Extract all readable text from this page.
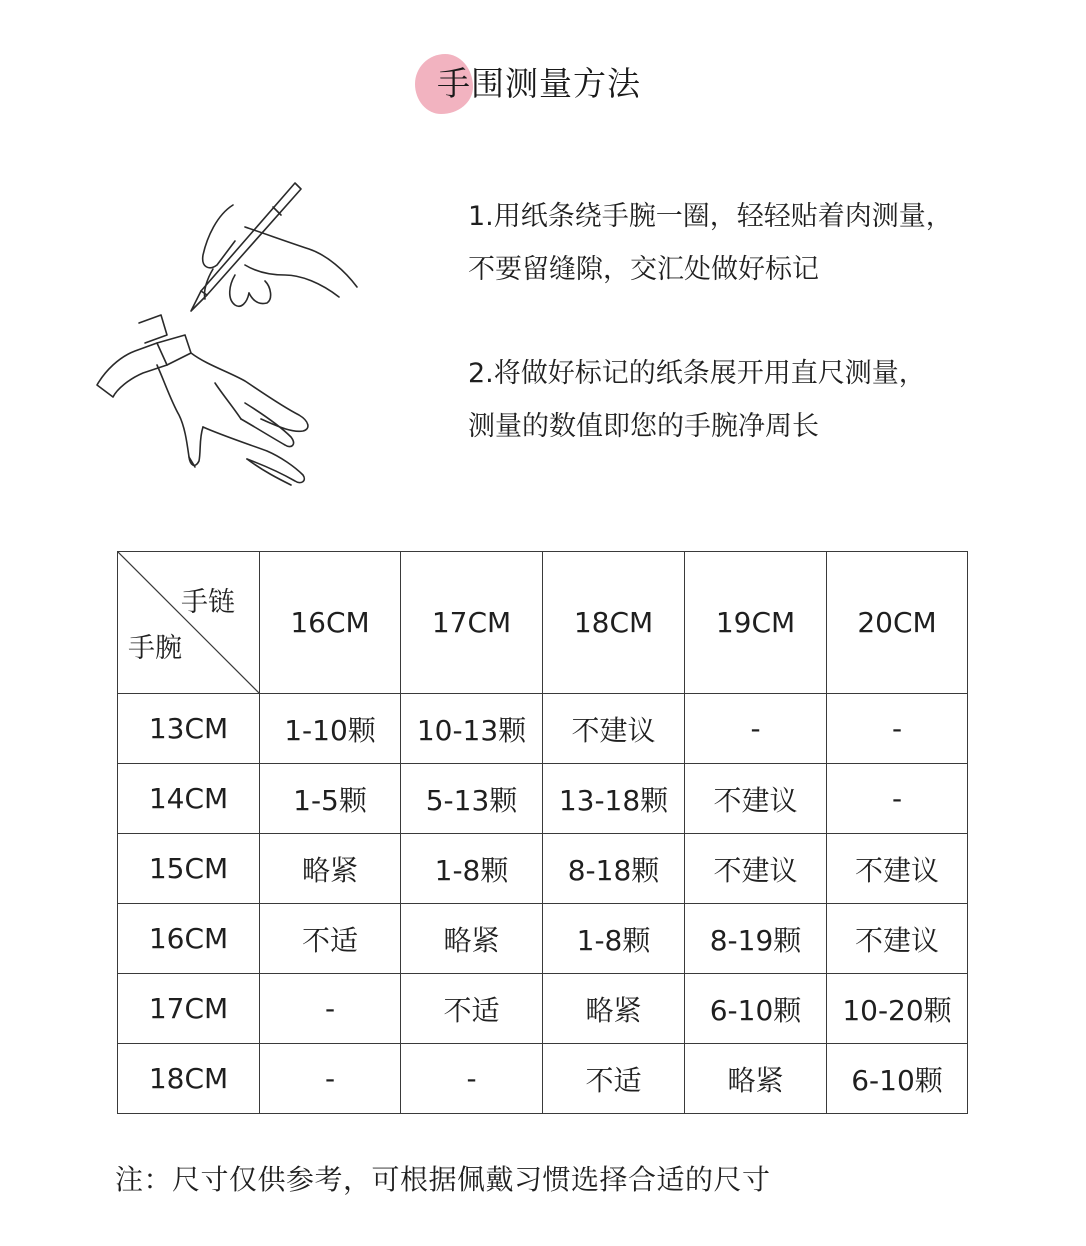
手围测量方法
1.用纸条绕手腕一圈，轻轻贴着肉测量，
不要留缝隙，交汇处做好标记
2.将做好标记的纸条展开用直尺测量，
测量的数值即您的手腕净周长
手链
手腕	16CM	17CM	18CM	19CM	20CM
13CM	1-10颗	10-13颗	不建议	-	-
14CM	1-5颗	5-13颗	13-18颗	不建议	-
15CM	略紧	1-8颗	8-18颗	不建议	不建议
16CM	不适	略紧	1-8颗	8-19颗	不建议
17CM	-	不适	略紧	6-10颗	10-20颗
18CM	-	-	不适	略紧	6-10颗
注：尺寸仅供参考，可根据佩戴习惯选择合适的尺寸
